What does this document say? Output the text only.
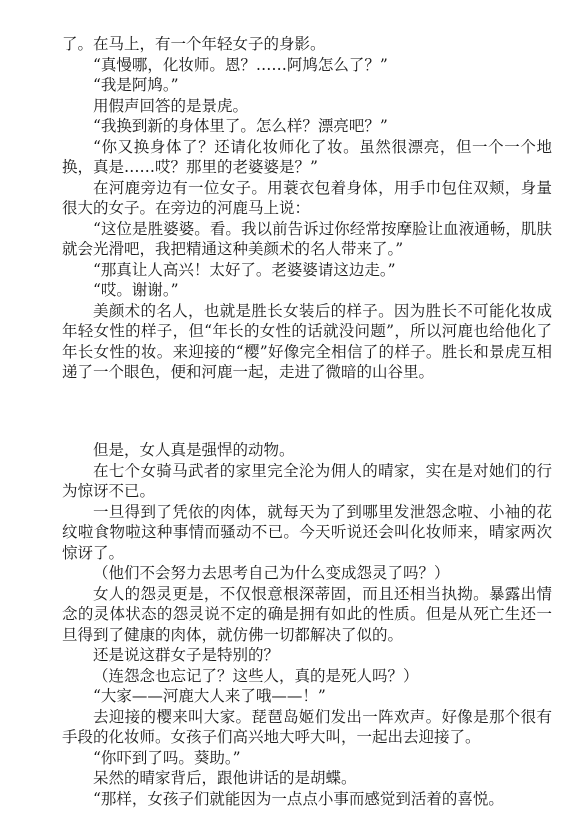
了。在马上，有一个年轻女子的身影。

“真慢哪，化妆师。恩？……阿鸠怎么了？”

“我是阿鸠。”

用假声回答的是景虎。

“我换到新的身体里了。怎么样？漂亮吧？”

“你又换身体了？还请化妆师化了妆。虽然很漂亮，但一个一个地换，真是……哎？那里的老婆婆是？”

在河鹿旁边有一位女子。用蓑衣包着身体，用手巾包住双颊，身量很大的女子。在旁边的河鹿马上说：

“这位是胜婆婆。看。我以前告诉过你经常按摩脸让血液通畅，肌肤就会光滑吧，我把精通这种美颜术的名人带来了。”

“那真让人高兴！太好了。老婆婆请这边走。”

“哎。谢谢。”

美颜术的名人，也就是胜长女装后的样子。因为胜长不可能化妆成年轻女性的样子，但“年长的女性的话就没问题”，所以河鹿也给他化了年长女性的妆。来迎接的“樱”好像完全相信了的样子。胜长和景虎互相递了一个眼色，便和河鹿一起，走进了微暗的山谷里。

但是，女人真是强悍的动物。

在七个女骑马武者的家里完全沦为佣人的晴家，实在是对她们的行为惊讶不已。

一旦得到了凭依的肉体，就每天为了到哪里发泄怨念啦、小袖的花纹啦食物啦这种事情而骚动不已。今天听说还会叫化妆师来，晴家两次惊讶了。

（他们不会努力去思考自己为什么变成怨灵了吗？）

女人的怨灵更是，不仅恨意根深蒂固，而且还相当执拗。暴露出情念的灵体状态的怨灵说不定的确是拥有如此的性质。但是从死亡生还一旦得到了健康的肉体，就仿佛一切都解决了似的。

还是说这群女子是特别的？

（连怨念也忘记了？这些人，真的是死人吗？）

“大家——河鹿大人来了哦——！”

去迎接的樱来叫大家。琵琶岛姬们发出一阵欢声。好像是那个很有手段的化妆师。女孩子们高兴地大呼大叫，一起出去迎接了。

“你吓到了吗。葵助。”

呆然的晴家背后，跟他讲话的是胡蝶。

“那样，女孩子们就能因为一点点小事而感觉到活着的喜悦。
